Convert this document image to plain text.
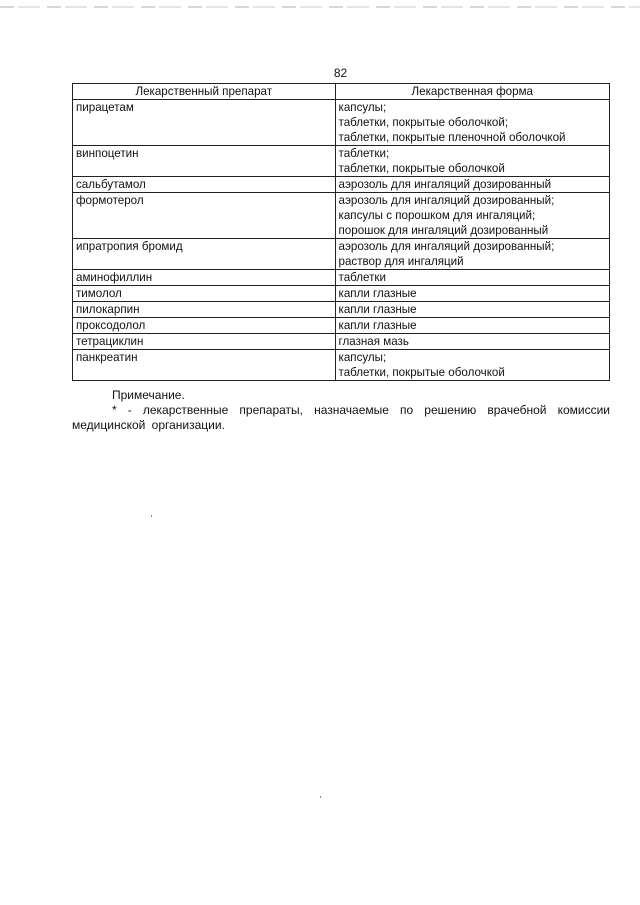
82
Лекарственный препарат	Лекарственная форма
пирацетам	капсулы;
таблетки, покрытые оболочкой;
таблетки, покрытые пленочной оболочкой

винпоцетин	таблетки;
таблетки, покрытые оболочкой

сальбутамол	аэрозоль для ингаляций дозированный

формотерол	аэрозоль для ингаляций дозированный;
капсулы с порошком для ингаляций;
порошок для ингаляций дозированный

ипратропия бромид	аэрозоль для ингаляций дозированный;
раствор для ингаляций

аминофиллин	таблетки

тимолол	капли глазные

пилокарпин	капли глазные

проксодолол	капли глазные

тетрациклин	глазная мазь

панкреатин	капсулы;
таблетки, покрытые оболочкой
Примечание.
* - лекарственные препараты, назначаемые по решению врачебной комиссии медицинской организации.
